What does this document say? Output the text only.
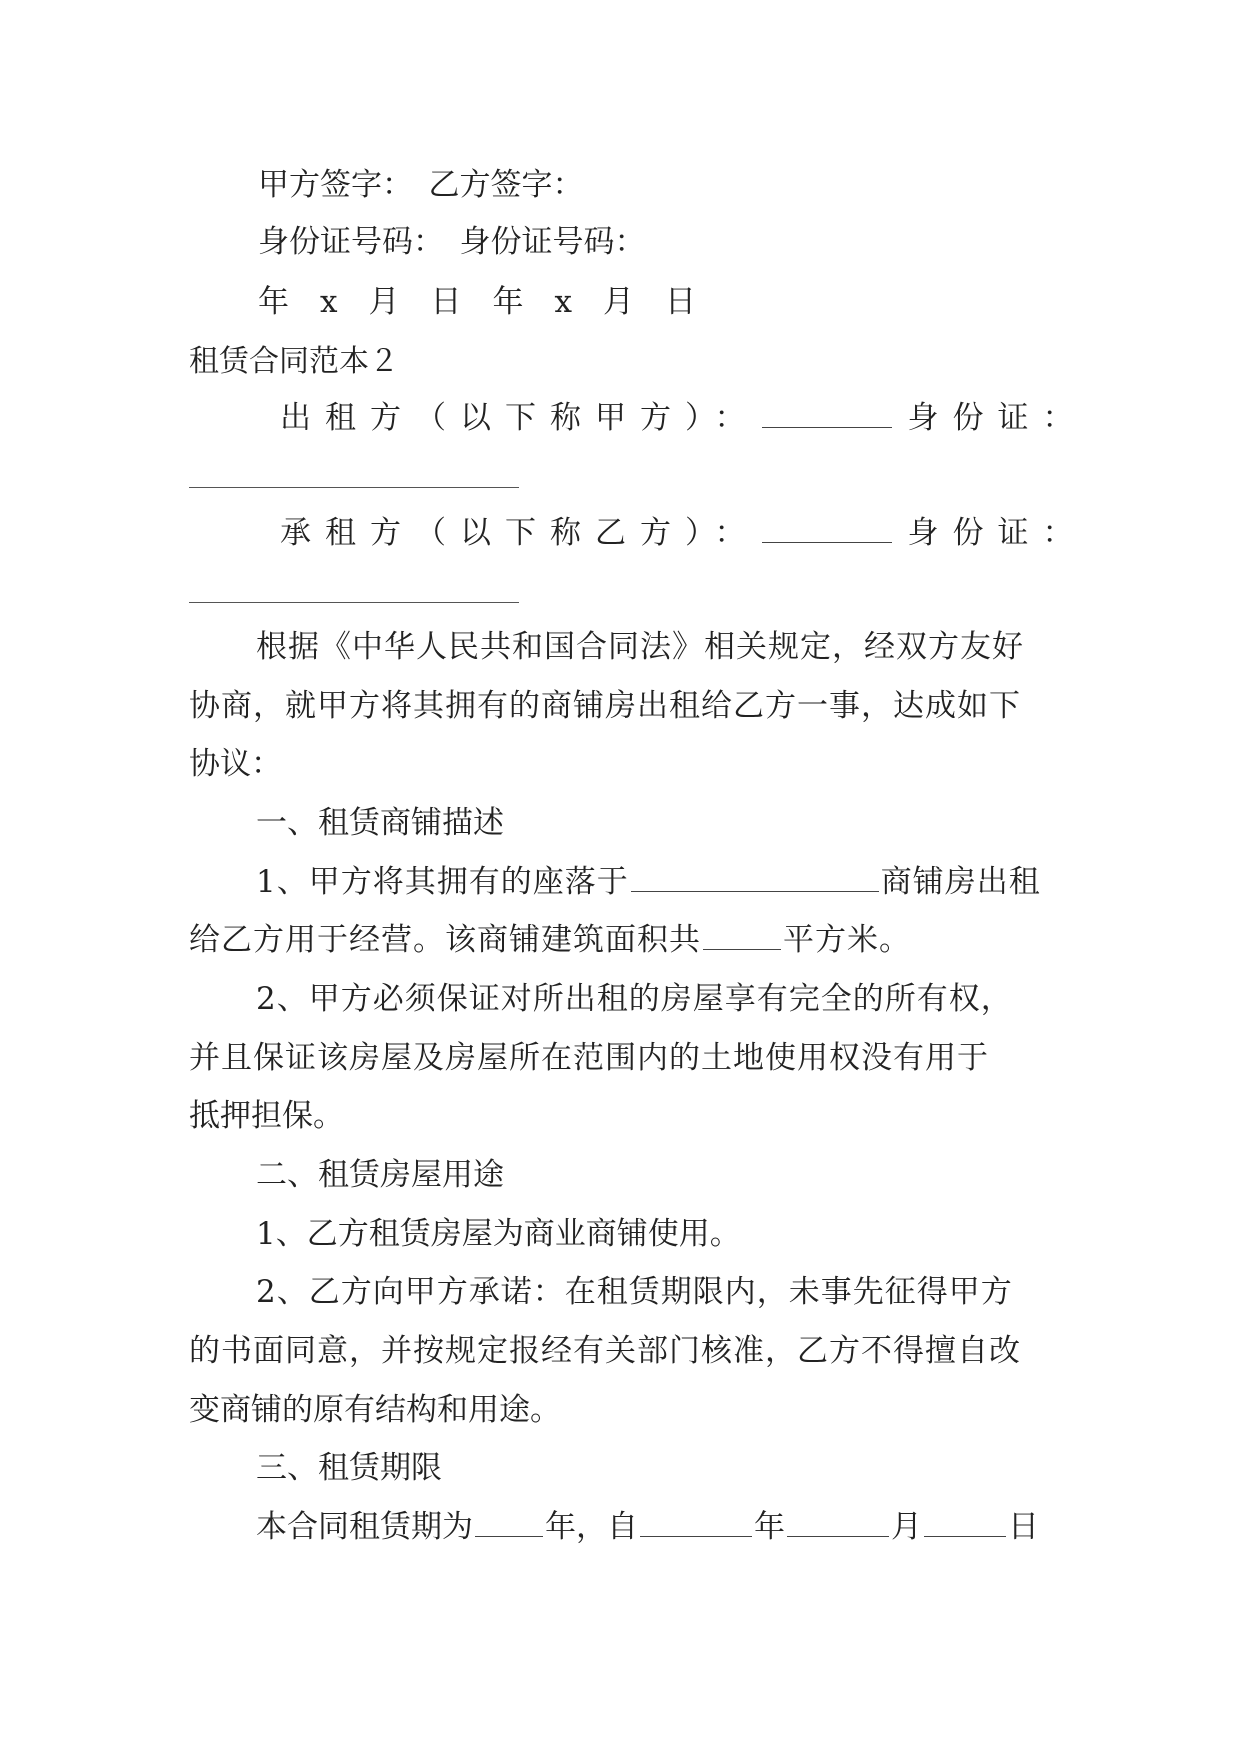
甲方签字：　乙方签字：
身份证号码：　身份证号码：
年　x　月　日　年　x　月　日
租赁合同范本２
出租方（以下称甲方）：	身份证：
承租方（以下称乙方）：	身份证：
根据《中华人民共和国合同法》相关规定，经双方友好
协商，就甲方将其拥有的商铺房出租给乙方一事，达成如下
协议：
一、租赁商铺描述
1、甲方将其拥有的座落于	商铺房出租
给乙方用于经营。该商铺建筑面积共	平方米。
2、甲方必须保证对所出租的房屋享有完全的所有权，
并且保证该房屋及房屋所在范围内的土地使用权没有用于
抵押担保。
二、租赁房屋用途
1、乙方租赁房屋为商业商铺使用。
2、乙方向甲方承诺：在租赁期限内，未事先征得甲方
的书面同意，并按规定报经有关部门核准，乙方不得擅自改
变商铺的原有结构和用途。
三、租赁期限
本合同租赁期为 年，自	年	月	日
